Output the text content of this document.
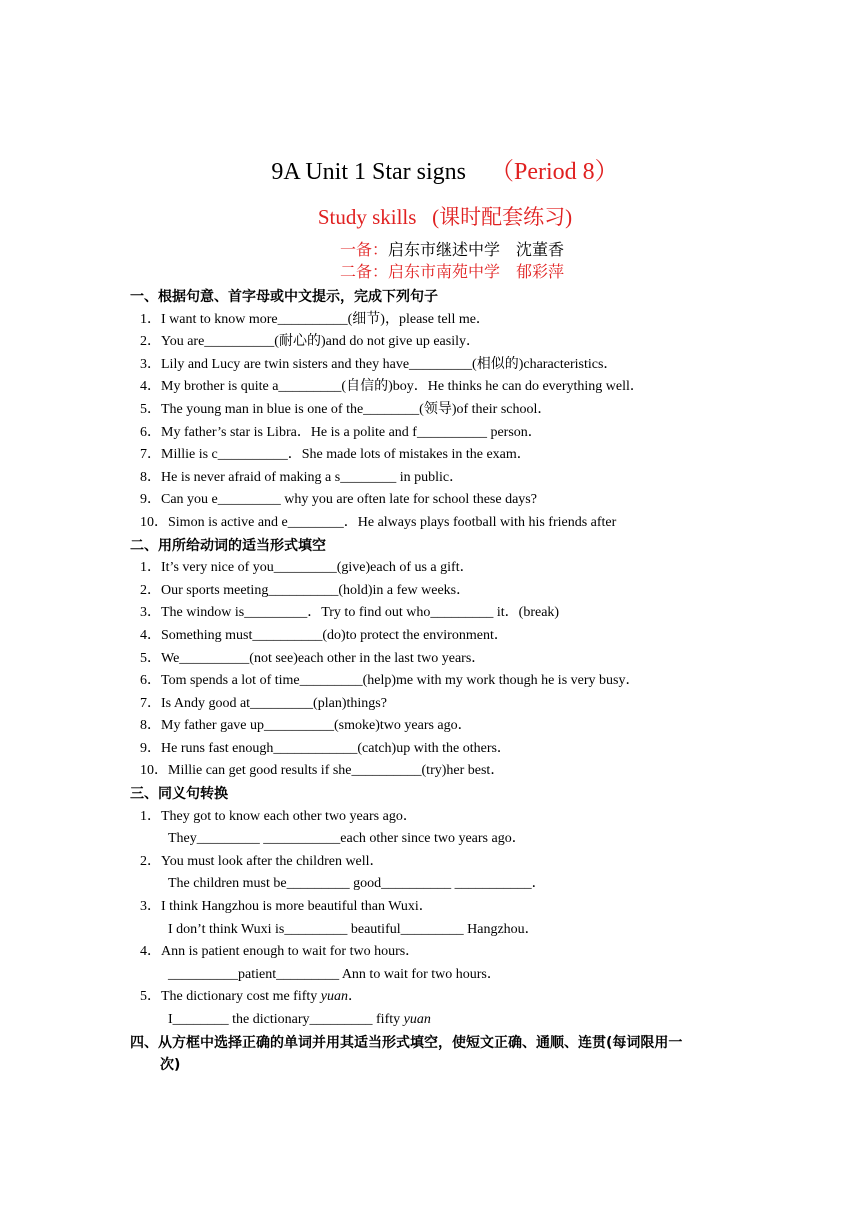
9A Unit 1 Star signs （Period 8）
Study skills   (课时配套练习)
一备：启东市继述中学    沈董香
二备：启东市南苑中学    郁彩萍

一、根据句意、首字母或中文提示，完成下列句子

1．I want to know more__________(细节)，please tell me．

2．You are__________(耐心的)and do not give up easily．

3．Lily and Lucy are twin sisters and they have_________(相似的)characteristics．

4．My brother is quite a_________(自信的)boy．He thinks he can do everything well．

5．The young man in blue is one of the________(领导)of their school．

6．My father’s star is Libra．He is a polite and f__________ person．

7．Millie is c__________．She made lots of mistakes in the exam．

8．He is never afraid of making a s________ in public．

9．Can you e_________ why you are often late for school these days?

10．Simon is active and e________．He always plays football with his friends after

二、用所给动词的适当形式填空

1．It’s very nice of you_________(give)each of us a gift．

2．Our sports meeting__________(hold)in a few weeks．

3．The window is_________．Try to find out who_________ it．(break)

4．Something must__________(do)to protect the environment．

5．We__________(not see)each other in the last two years．

6．Tom spends a lot of time_________(help)me with my work though he is very busy．

7．Is Andy good at_________(plan)things?

8．My father gave up__________(smoke)two years ago．

9．He runs fast enough____________(catch)up with the others．

10．Millie can get good results if she__________(try)her best．

三、同义句转换

1．They got to know each other two years ago．

They_________ ___________each other since two years ago．

2．You must look after the children well．

The children must be_________ good__________ ___________．

3．I think Hangzhou is more beautiful than Wuxi．

I don’t think Wuxi is_________ beautiful_________ Hangzhou．

4．Ann is patient enough to wait for two hours．

__________patient_________ Ann to wait for two hours．

5．The dictionary cost me fifty yuan．

I________ the dictionary_________ fifty yuan

四、从方框中选择正确的单词并用其适当形式填空，使短文正确、通顺、连贯(每词限用一
次)
